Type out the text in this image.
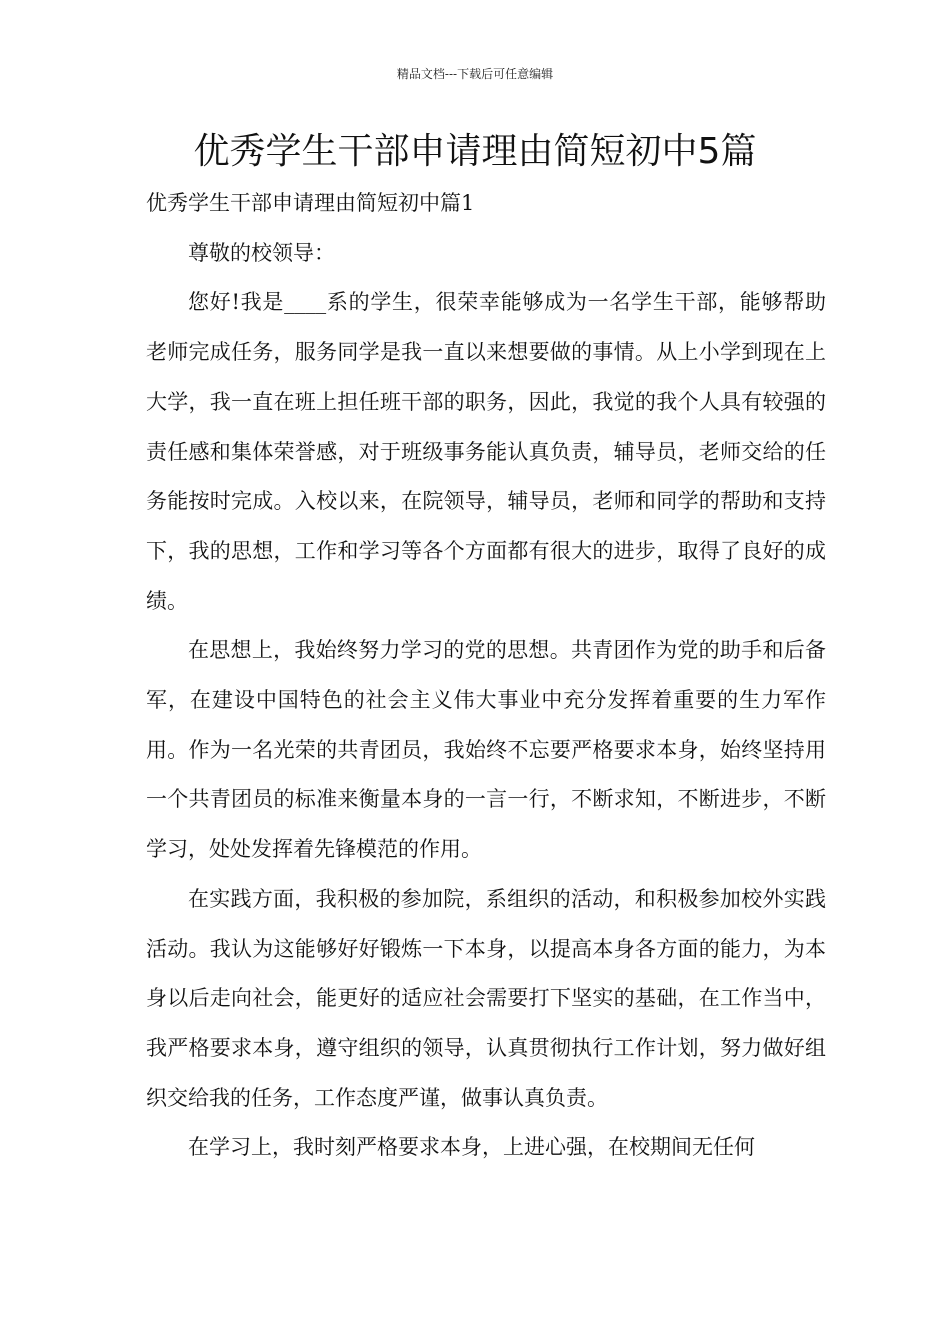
精品文档---下载后可任意编辑
优秀学生干部申请理由简短初中5篇

优秀学生干部申请理由简短初中篇1

尊敬的校领导：

您好!我是____系的学生，很荣幸能够成为一名学生干部，能够帮助老师完成任务，服务同学是我一直以来想要做的事情。从上小学到现在上大学，我一直在班上担任班干部的职务，因此，我觉的我个人具有较强的责任感和集体荣誉感，对于班级事务能认真负责，辅导员，老师交给的任务能按时完成。入校以来，在院领导，辅导员，老师和同学的帮助和支持下，我的思想，工作和学习等各个方面都有很大的进步，取得了良好的成绩。

在思想上，我始终努力学习的党的思想。共青团作为党的助手和后备军，在建设中国特色的社会主义伟大事业中充分发挥着重要的生力军作用。作为一名光荣的共青团员，我始终不忘要严格要求本身，始终坚持用一个共青团员的标准来衡量本身的一言一行，不断求知，不断进步，不断学习，处处发挥着先锋模范的作用。

在实践方面，我积极的参加院，系组织的活动，和积极参加校外实践活动。我认为这能够好好锻炼一下本身，以提高本身各方面的能力，为本身以后走向社会，能更好的适应社会需要打下坚实的基础，在工作当中，我严格要求本身，遵守组织的领导，认真贯彻执行工作计划，努力做好组织交给我的任务，工作态度严谨，做事认真负责。

在学习上，我时刻严格要求本身，上进心强，在校期间无任何
